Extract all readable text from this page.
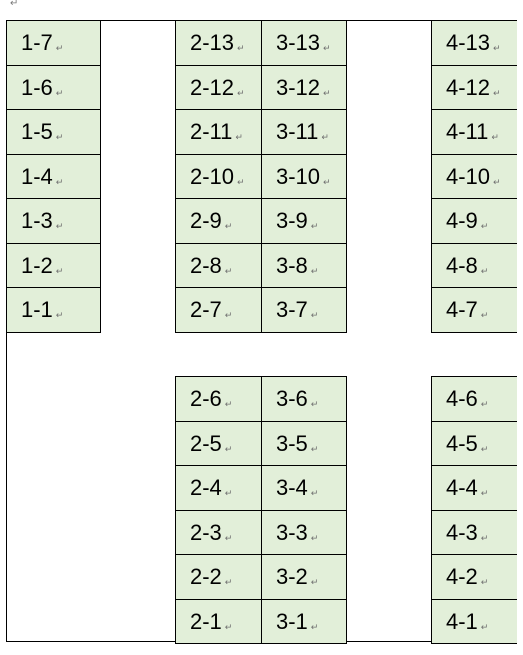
↵
1-7 ↵
1-6 ↵
1-5 ↵
1-4 ↵
1-3 ↵
1-2 ↵
1-1 ↵
2-13 ↵
2-12 ↵
2-11 ↵
2-10 ↵
2-9 ↵
2-8 ↵
2-7 ↵
3-13 ↵
3-12 ↵
3-11 ↵
3-10 ↵
3-9 ↵
3-8 ↵
3-7 ↵
4-13 ↵
4-12 ↵
4-11 ↵
4-10 ↵
4-9 ↵
4-8 ↵
4-7 ↵
2-6 ↵
2-5 ↵
2-4 ↵
2-3 ↵
2-2 ↵
2-1 ↵
3-6 ↵
3-5 ↵
3-4 ↵
3-3 ↵
3-2 ↵
3-1 ↵
4-6 ↵
4-5 ↵
4-4 ↵
4-3 ↵
4-2 ↵
4-1 ↵
